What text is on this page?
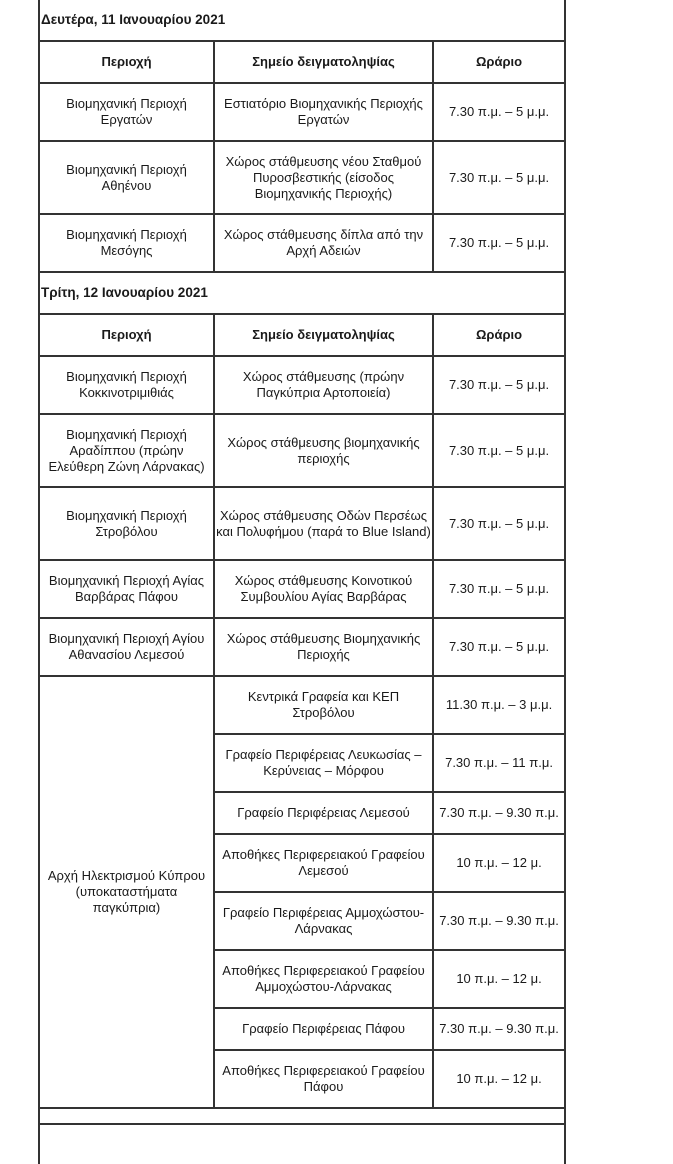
Δευτέρα, 11 Ιανουαρίου 2021		
Περιοχή	Σημείο δειγματοληψίας	Ωράριο
Βιομηχανική Περιοχή Εργατών	Εστιατόριο Βιομηχανικής Περιοχής Εργατών	7.30 π.μ. – 5 μ.μ.
Βιομηχανική Περιοχή Αθηένου	Χώρος στάθμευσης νέου Σταθμού Πυροσβεστικής (είσοδος Βιομηχανικής Περιοχής)	7.30 π.μ. – 5 μ.μ.
Βιομηχανική Περιοχή Μεσόγης	Χώρος στάθμευσης δίπλα από την Αρχή Αδειών	7.30 π.μ. – 5 μ.μ.
Τρίτη, 12 Ιανουαρίου 2021		
Περιοχή	Σημείο δειγματοληψίας	Ωράριο
Βιομηχανική Περιοχή Κοκκινοτριμιθιάς	Χώρος στάθμευσης (πρώην Παγκύπρια Αρτοποιεία)	7.30 π.μ. – 5 μ.μ.
Βιομηχανική Περιοχή Αραδίππου (πρώην Ελεύθερη Ζώνη Λάρνακας)	Χώρος στάθμευσης βιομηχανικής περιοχής	7.30 π.μ. – 5 μ.μ.
Βιομηχανική Περιοχή Στροβόλου	Χώρος στάθμευσης Οδών Περσέως και Πολυφήμου (παρά το Blue Island)	7.30 π.μ. – 5 μ.μ.
Βιομηχανική Περιοχή Αγίας Βαρβάρας Πάφου	Χώρος στάθμευσης Κοινοτικού Συμβουλίου Αγίας Βαρβάρας	7.30 π.μ. – 5 μ.μ.
Βιομηχανική Περιοχή Αγίου Αθανασίου Λεμεσού	Χώρος στάθμευσης Βιομηχανικής Περιοχής	7.30 π.μ. – 5 μ.μ.
Αρχή Ηλεκτρισμού Κύπρου (υποκαταστήματα παγκύπρια)	Κεντρικά Γραφεία και ΚΕΠ Στροβόλου	11.30 π.μ. – 3 μ.μ.
	Γραφείο Περιφέρειας Λευκωσίας – Κερύνειας – Μόρφου	7.30 π.μ. – 11 π.μ.
	Γραφείο Περιφέρειας Λεμεσού	7.30 π.μ. – 9.30 π.μ.
	Αποθήκες Περιφερειακού Γραφείου Λεμεσού	10 π.μ. – 12 μ.
	Γραφείο Περιφέρειας Αμμοχώστου-Λάρνακας	7.30 π.μ. – 9.30 π.μ.
	Αποθήκες Περιφερειακού Γραφείου Αμμοχώστου-Λάρνακας	10 π.μ. – 12 μ.
	Γραφείο Περιφέρειας Πάφου	7.30 π.μ. – 9.30 π.μ.
	Αποθήκες Περιφερειακού Γραφείου Πάφου	10 π.μ. – 12 μ.
